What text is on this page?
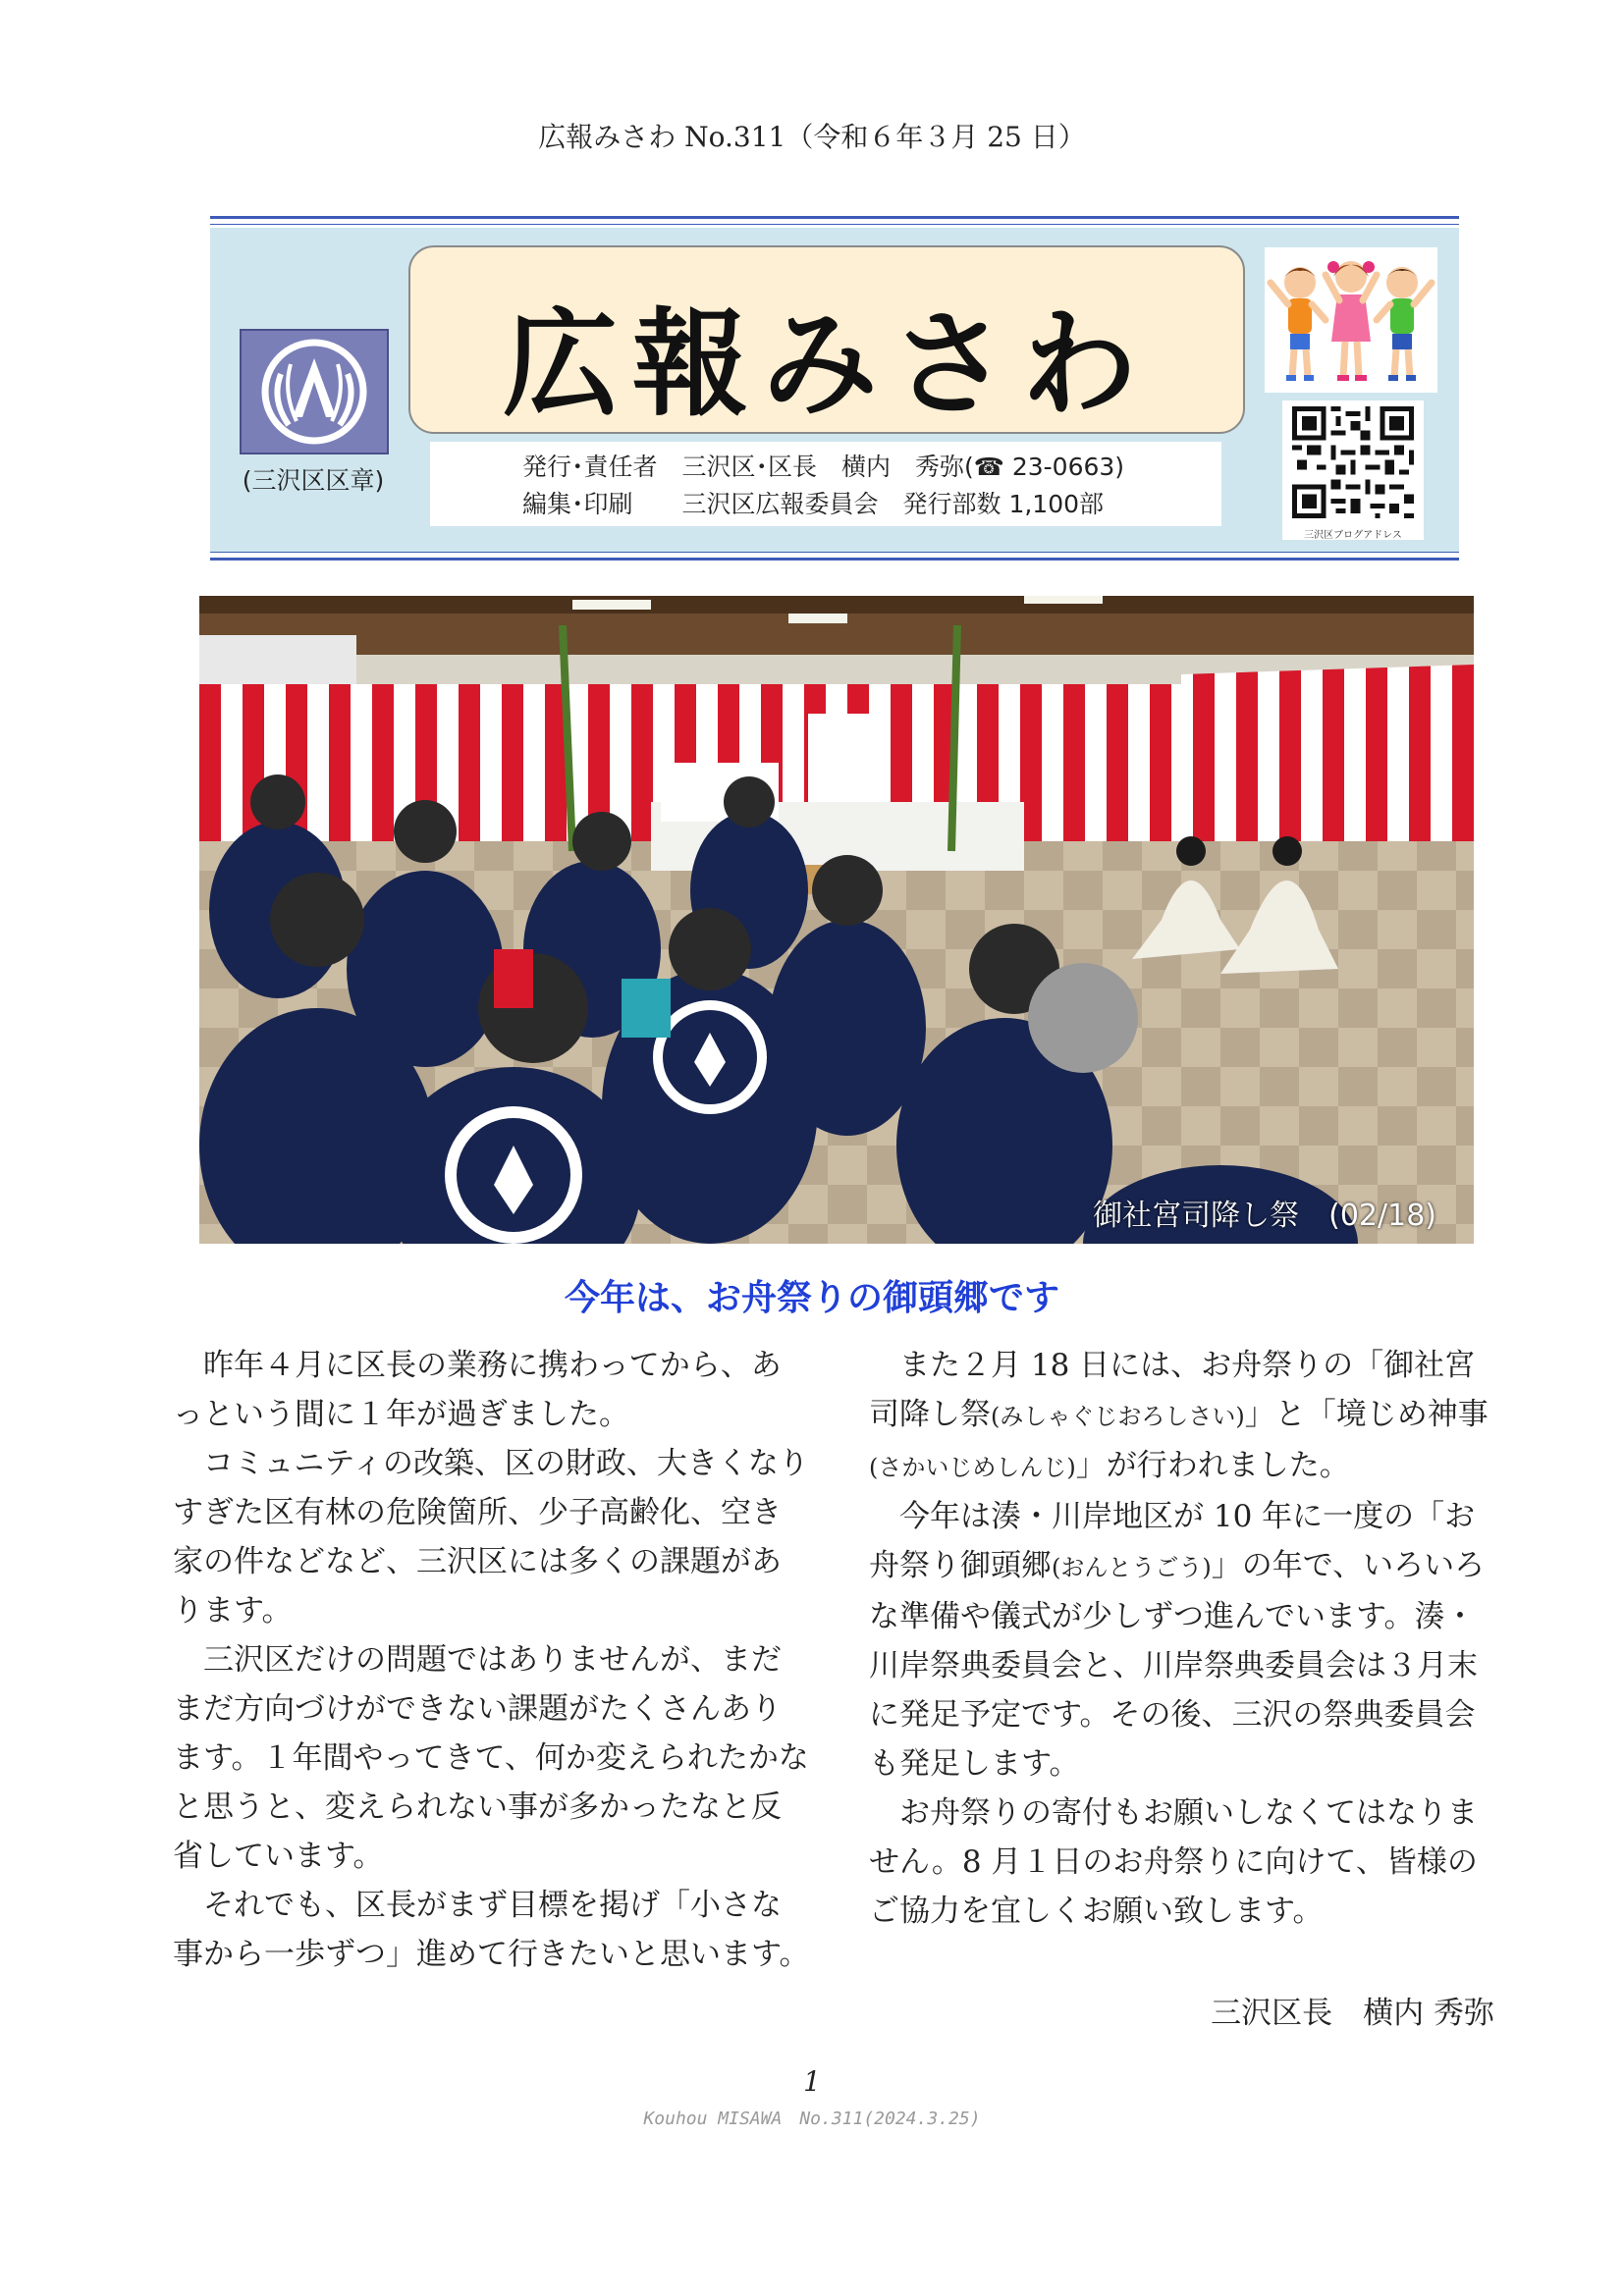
広報みさわ No.311（令和６年３月 25 日）
(三沢区区章)
広報みさわ
発行･責任者　三沢区･区長　横内　秀弥(☎ 23-0663)
編集･印刷　　三沢区広報委員会　発行部数 1,100部
三沢区ブログアドレス
御社宮司降し祭　(02/18)
今年は、お舟祭りの御頭郷です

昨年４月に区長の業務に携わってから、あっという間に１年が過ぎました。

コミュニティの改築、区の財政、大きくなりすぎた区有林の危険箇所、少子高齢化、空き家の件などなど、三沢区には多くの課題があります。

三沢区だけの問題ではありませんが、まだまだ方向づけができない課題がたくさんあります。１年間やってきて、何か変えられたかなと思うと、変えられない事が多かったなと反省しています。

それでも、区長がまず目標を掲げ「小さな事から一歩ずつ」進めて行きたいと思います。

また２月 18 日には、お舟祭りの「御社宮司降し祭(みしゃぐじおろしさい)」と「境じめ神事(さかいじめしんじ)」が行われました。

今年は湊・川岸地区が 10 年に一度の「お舟祭り御頭郷(おんとうごう)」の年で、いろいろな準備や儀式が少しずつ進んでいます。湊・川岸祭典委員会と、川岸祭典委員会は３月末に発足予定です。その後、三沢の祭典委員会も発足します。

お舟祭りの寄付もお願いしなくてはなりません。8 月１日のお舟祭りに向けて、皆様のご協力を宜しくお願い致します。

三沢区長　横内 秀弥
1
Kouhou MISAWA　No.311(2024.3.25)
